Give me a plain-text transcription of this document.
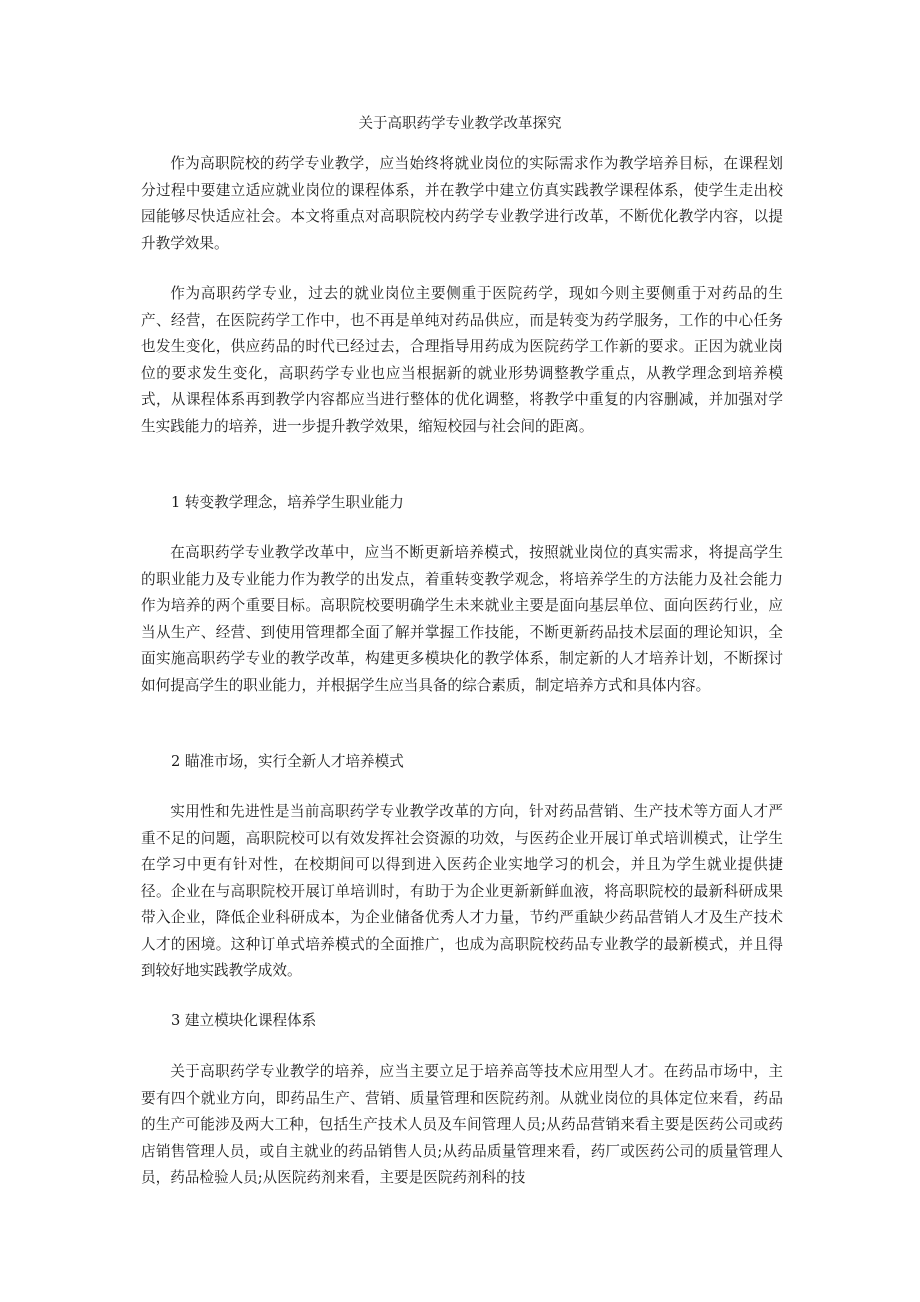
关于高职药学专业教学改革探究

作为高职院校的药学专业教学，应当始终将就业岗位的实际需求作为教学培养目标，在课程划分过程中要建立适应就业岗位的课程体系，并在教学中建立仿真实践教学课程体系，使学生走出校园能够尽快适应社会。本文将重点对高职院校内药学专业教学进行改革，不断优化教学内容，以提升教学效果。

作为高职药学专业，过去的就业岗位主要侧重于医院药学，现如今则主要侧重于对药品的生产、经营，在医院药学工作中，也不再是单纯对药品供应，而是转变为药学服务，工作的中心任务也发生变化，供应药品的时代已经过去，合理指导用药成为医院药学工作新的要求。正因为就业岗位的要求发生变化，高职药学专业也应当根据新的就业形势调整教学重点，从教学理念到培养模式，从课程体系再到教学内容都应当进行整体的优化调整，将教学中重复的内容删减，并加强对学生实践能力的培养，进一步提升教学效果，缩短校园与社会间的距离。

1 转变教学理念，培养学生职业能力

在高职药学专业教学改革中，应当不断更新培养模式，按照就业岗位的真实需求，将提高学生的职业能力及专业能力作为教学的出发点，着重转变教学观念，将培养学生的方法能力及社会能力作为培养的两个重要目标。高职院校要明确学生未来就业主要是面向基层单位、面向医药行业，应当从生产、经营、到使用管理都全面了解并掌握工作技能，不断更新药品技术层面的理论知识，全面实施高职药学专业的教学改革，构建更多模块化的教学体系，制定新的人才培养计划，不断探讨如何提高学生的职业能力，并根据学生应当具备的综合素质，制定培养方式和具体内容。

2 瞄准市场，实行全新人才培养模式

实用性和先进性是当前高职药学专业教学改革的方向，针对药品营销、生产技术等方面人才严重不足的问题，高职院校可以有效发挥社会资源的功效，与医药企业开展订单式培训模式，让学生在学习中更有针对性，在校期间可以得到进入医药企业实地学习的机会，并且为学生就业提供捷径。企业在与高职院校开展订单培训时，有助于为企业更新新鲜血液，将高职院校的最新科研成果带入企业，降低企业科研成本，为企业储备优秀人才力量，节约严重缺少药品营销人才及生产技术人才的困境。这种订单式培养模式的全面推广，也成为高职院校药品专业教学的最新模式，并且得到较好地实践教学成效。

3 建立模块化课程体系

关于高职药学专业教学的培养，应当主要立足于培养高等技术应用型人才。在药品市场中，主要有四个就业方向，即药品生产、营销、质量管理和医院药剂。从就业岗位的具体定位来看，药品的生产可能涉及两大工种，包括生产技术人员及车间管理人员;从药品营销来看主要是医药公司或药店销售管理人员，或自主就业的药品销售人员;从药品质量管理来看，药厂或医药公司的质量管理人员，药品检验人员;从医院药剂来看，主要是医院药剂科的技
